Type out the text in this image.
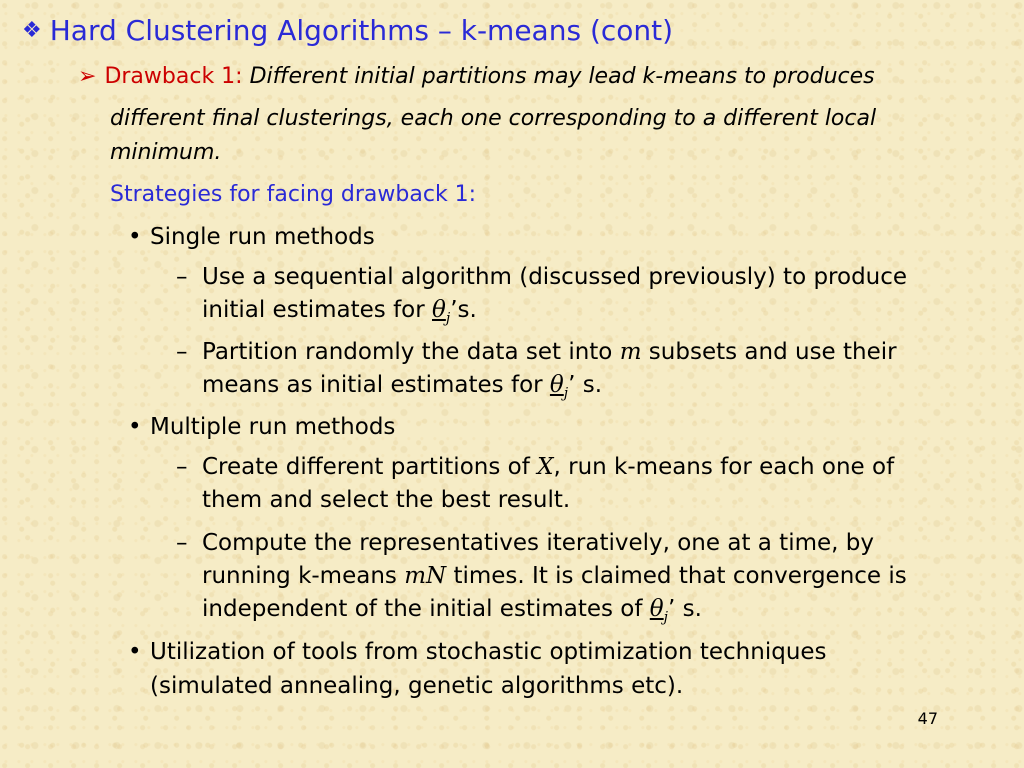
❖ Hard Clustering Algorithms – k-means (cont)
➢ Drawback 1: Different initial partitions may lead k-means to produces
different final clusterings, each one corresponding to a different local
minimum.
Strategies for facing drawback 1:
• Single run methods
– Use a sequential algorithm (discussed previously) to produce
initial estimates for $\theta_j’s$.
– Partition randomly the data set into m subsets and use their
means as initial estimates for $\theta_j$’ s.
• Multiple run methods
– Create different partitions of X, run k-means for each one of
them and select the best result.
– Compute the representatives iteratively, one at a time, by
running k-means mN times. It is claimed that convergence is
independent of the initial estimates of $\theta_j$’ s.
• Utilization of tools from stochastic optimization techniques
(simulated annealing, genetic algorithms etc).
47
